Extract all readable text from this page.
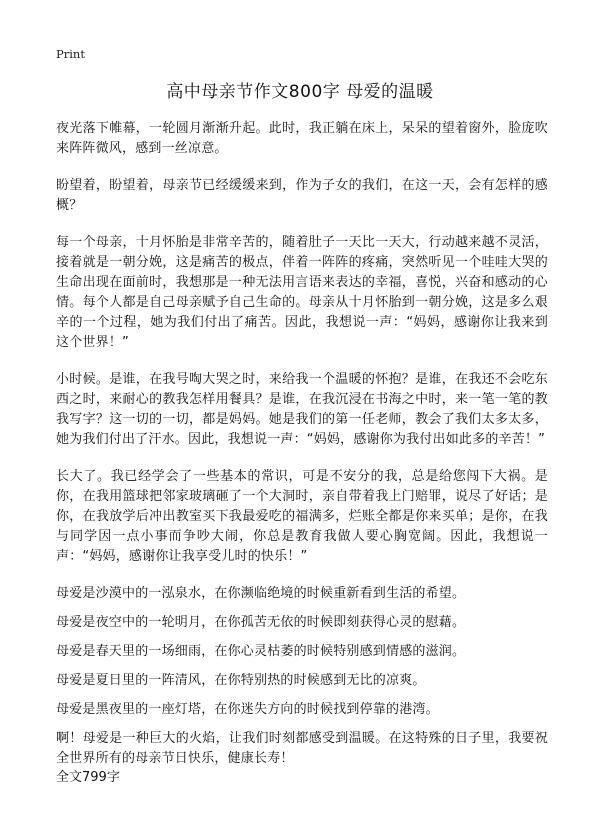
Print
高中母亲节作文800字 母爱的温暖

夜光落下帷幕，一轮圆月渐渐升起。此时，我正躺在床上，呆呆的望着窗外，脸庞吹来阵阵微风，感到一丝凉意。

盼望着，盼望着，母亲节已经缓缓来到，作为子女的我们，在这一天，会有怎样的感概？

每一个母亲，十月怀胎是非常辛苦的，随着肚子一天比一天大，行动越来越不灵活，接着就是一朝分娩，这是痛苦的极点，伴着一阵阵的疼痛，突然听见一个哇哇大哭的生命出现在面前时，我想那是一种无法用言语来表达的幸福，喜悦，兴奋和感动的心情。每个人都是自己母亲赋予自己生命的。母亲从十月怀胎到一朝分娩，这是多么艰辛的一个过程，她为我们付出了痛苦。因此，我想说一声：“妈妈，感谢你让我来到这个世界！”

小时候。是谁，在我号啕大哭之时，来给我一个温暖的怀抱？是谁，在我还不会吃东西之时，来耐心的教我怎样用餐具？是谁，在我沉浸在书海之中时，来一笔一笔的教我写字？这一切的一切，都是妈妈。她是我们的第一任老师，教会了我们太多太多，她为我们付出了汗水。因此，我想说一声：“妈妈，感谢你为我付出如此多的辛苦！”

长大了。我已经学会了一些基本的常识，可是不安分的我，总是给您闯下大祸。是你，在我用篮球把邻家玻璃砸了一个大洞时，亲自带着我上门赔罪，说尽了好话；是你，在我放学后冲出教室买下我最爱吃的福满多，烂账全都是你来买单；是你，在我与同学因一点小事而争吵大闹，你总是教育我做人要心胸宽阔。因此，我想说一声：“妈妈，感谢你让我享受儿时的快乐！”

母爱是沙漠中的一泓泉水，在你濒临绝境的时候重新看到生活的希望。

母爱是夜空中的一轮明月，在你孤苦无依的时候即刻获得心灵的慰藉。

母爱是春天里的一场细雨，在你心灵枯萎的时候特别感到情感的滋润。

母爱是夏日里的一阵清风，在你特别热的时候感到无比的凉爽。

母爱是黑夜里的一座灯塔，在你迷失方向的时候找到停靠的港湾。

啊！母爱是一种巨大的火焰，让我们时刻都感受到温暖。在这特殊的日子里，我要祝全世界所有的母亲节日快乐，健康长寿！

全文799字
